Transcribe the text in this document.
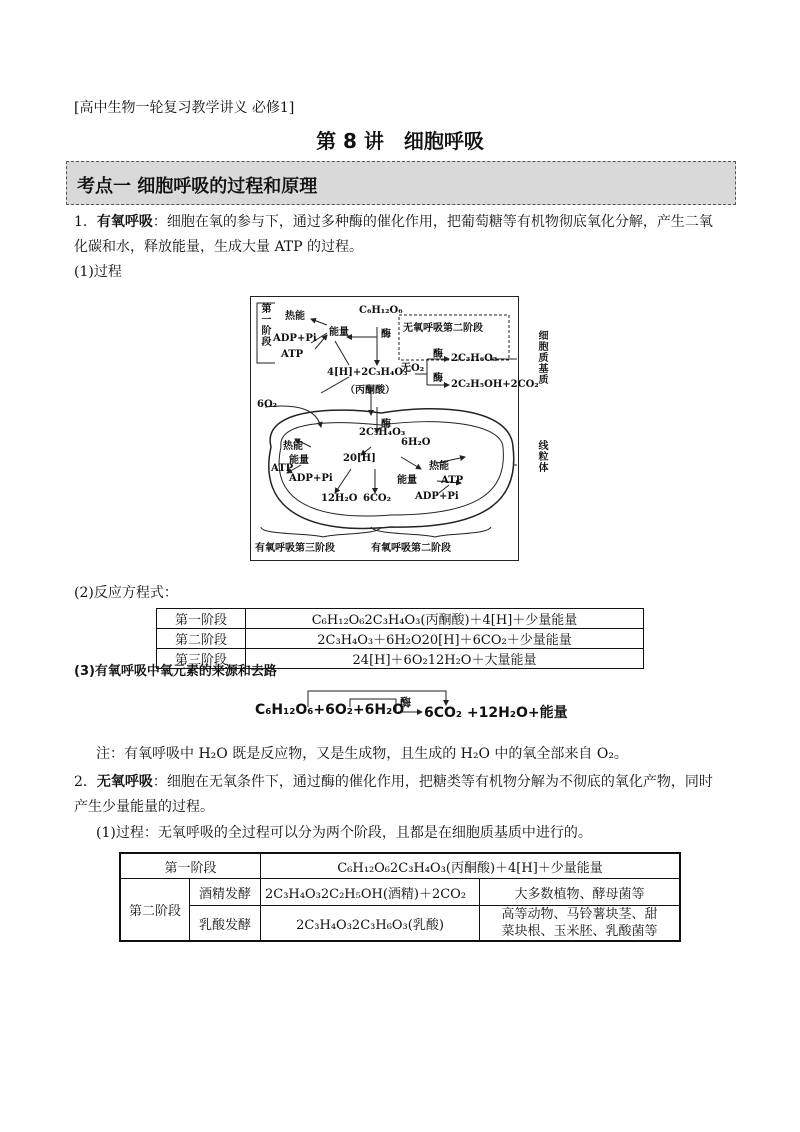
[高中生物一轮复习教学讲义 必修1]
第 8 讲　细胞呼吸
考点一 细胞呼吸的过程和原理
1．有氧呼吸：细胞在氧的参与下，通过多种酶的催化作用，把葡萄糖等有机物彻底氧化分解，产生二氧
化碳和水，释放能量，生成大量 ATP 的过程。
(1)过程
第一阶段 热能
能量
ADP+Pi
ATP
C₆H₁₂O₆
酶
无氧呼吸第二阶段
4[H]+2C₃H₄O₃
（丙酮酸）
无O₂
酶
酶
2C₃H₆O₃
2C₂H₅OH+2CO₂
6O₂
酶
2C₃H₄O₃
6H₂O
20[H]
热能
能量
ATP
ADP+Pi
热能
能量 ATP
ADP+Pi
12H₂O 6CO₂
有氧呼吸第三阶段	有氧呼吸第二阶段
细胞质基质
线粒体
(2)反应方程式：
第一阶段	C₆H₁₂O₆2C₃H₄O₃(丙酮酸)＋4[H]＋少量能量
第二阶段	2C₃H₄O₃＋6H₂O20[H]＋6CO₂＋少量能量
第三阶段	24[H]＋6O₂12H₂O＋大量能量
(3)有氧呼吸中氧元素的来源和去路
C₆H₁₂O₆+6O₂+6H₂O
酶
6CO₂ +12H₂O+能量
注：有氧呼吸中 H₂O 既是反应物，又是生成物，且生成的 H₂O 中的氧全部来自 O₂。
2．无氧呼吸：细胞在无氧条件下，通过酶的催化作用，把糖类等有机物分解为不彻底的氧化产物，同时
产生少量能量的过程。
(1)过程：无氧呼吸的全过程可以分为两个阶段，且都是在细胞质基质中进行的。
第一阶段		C₆H₁₂O₆2C₃H₄O₃(丙酮酸)＋4[H]＋少量能量	
第二阶段	酒精发酵	2C₃H₄O₃2C₂H₅OH(酒精)＋2CO₂	大多数植物、酵母菌等
	乳酸发酵	2C₃H₄O₃2C₃H₆O₃(乳酸)	高等动物、马铃薯块茎、甜
菜块根、玉米胚、乳酸菌等
